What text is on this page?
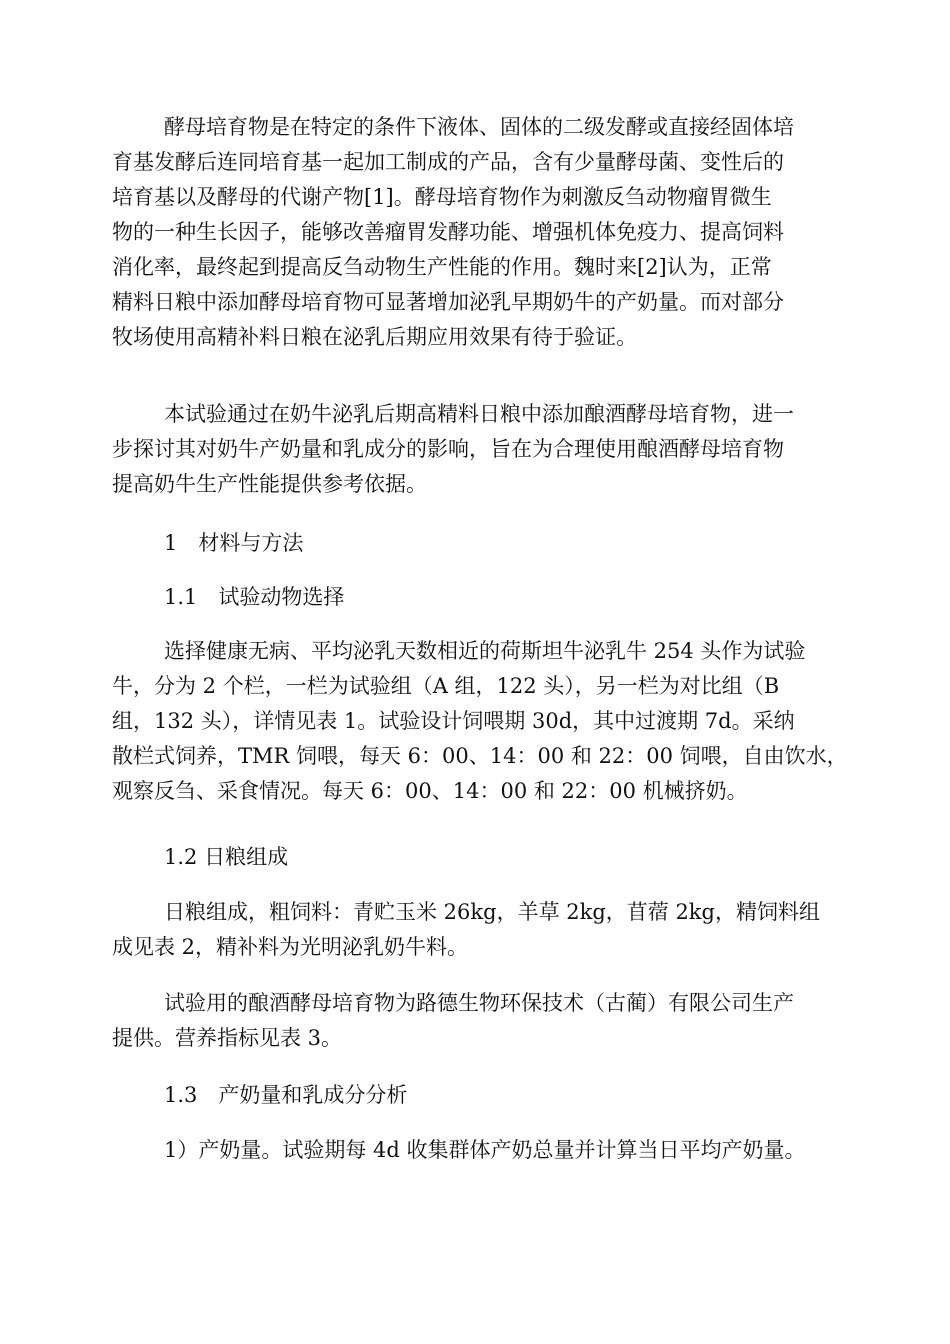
酵母培育物是在特定的条件下液体、固体的二级发酵或直接经固体培
育基发酵后连同培育基一起加工制成的产品，含有少量酵母菌、变性后的
培育基以及酵母的代谢产物[1]。酵母培育物作为刺激反刍动物瘤胃微生
物的一种生长因子，能够改善瘤胃发酵功能、增强机体免疫力、提高饲料
消化率，最终起到提高反刍动物生产性能的作用。魏时来[2]认为，正常
精料日粮中添加酵母培育物可显著增加泌乳早期奶牛的产奶量。而对部分
牧场使用高精补料日粮在泌乳后期应用效果有待于验证。
本试验通过在奶牛泌乳后期高精料日粮中添加酿酒酵母培育物，进一
步探讨其对奶牛产奶量和乳成分的影响，旨在为合理使用酿酒酵母培育物
提高奶牛生产性能提供参考依据。
1　材料与方法
1.1　试验动物选择
选择健康无病、平均泌乳天数相近的荷斯坦牛泌乳牛 254 头作为试验
牛，分为 2 个栏，一栏为试验组（A 组，122 头），另一栏为对比组（B
组，132 头），详情见表 1。试验设计饲喂期 30d，其中过渡期 7d。采纳
散栏式饲养，TMR 饲喂，每天 6：00、14：00 和 22：00 饲喂，自由饮水，
观察反刍、采食情况。每天 6：00、14：00 和 22：00 机械挤奶。
1.2 日粮组成
日粮组成，粗饲料：青贮玉米 26kg，羊草 2kg，苜蓿 2kg，精饲料组
成见表 2，精补料为光明泌乳奶牛料。
试验用的酿酒酵母培育物为路德生物环保技术（古蔺）有限公司生产
提供。营养指标见表 3。
1.3　产奶量和乳成分分析
1）产奶量。试验期每 4d 收集群体产奶总量并计算当日平均产奶量。
